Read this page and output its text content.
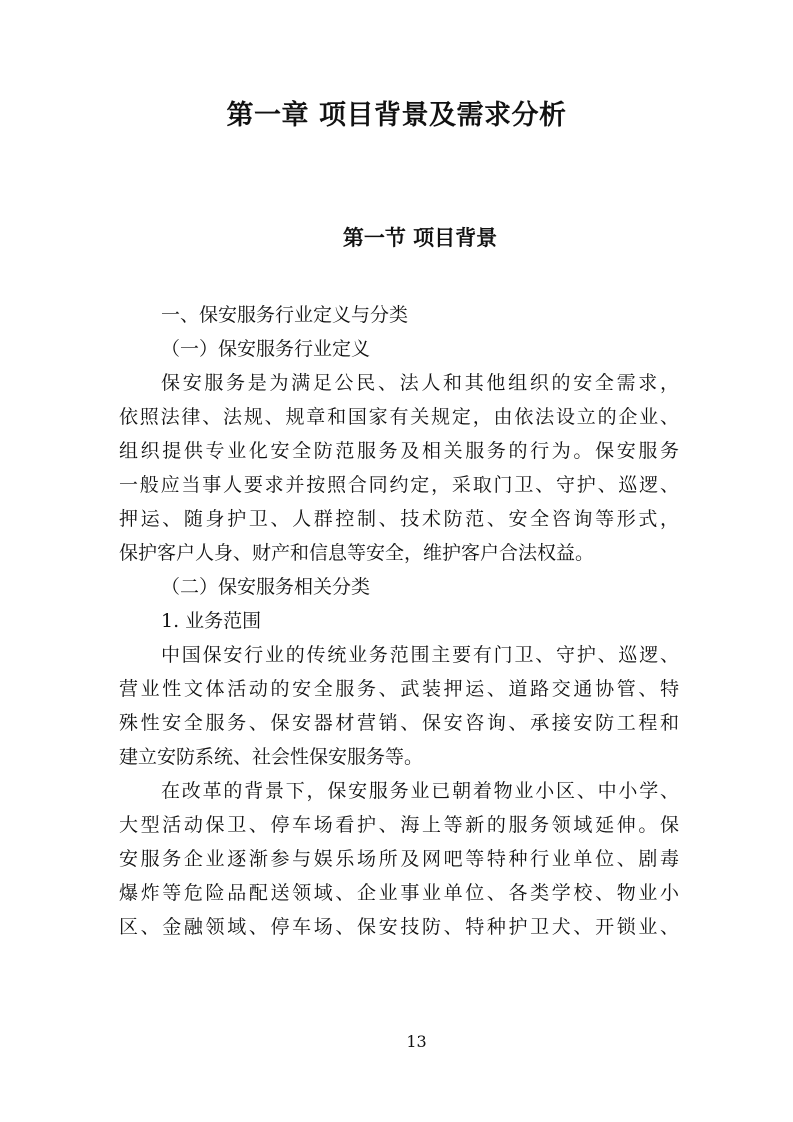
第一章 项目背景及需求分析
第一节 项目背景
一、保安服务行业定义与分类
（一）保安服务行业定义
保安服务是为满足公民、法人和其他组织的安全需求，
依照法律、法规、规章和国家有关规定，由依法设立的企业、
组织提供专业化安全防范服务及相关服务的行为。保安服务
一般应当事人要求并按照合同约定，采取门卫、守护、巡逻、
押运、随身护卫、人群控制、技术防范、安全咨询等形式，
保护客户人身、财产和信息等安全，维护客户合法权益。
（二）保安服务相关分类
1. 业务范围
中国保安行业的传统业务范围主要有门卫、守护、巡逻、
营业性文体活动的安全服务、武装押运、道路交通协管、特
殊性安全服务、保安器材营销、保安咨询、承接安防工程和
建立安防系统、社会性保安服务等。
在改革的背景下，保安服务业已朝着物业小区、中小学、
大型活动保卫、停车场看护、海上等新的服务领域延伸。保
安服务企业逐渐参与娱乐场所及网吧等特种行业单位、剧毒
爆炸等危险品配送领域、企业事业单位、各类学校、物业小
区、金融领域、停车场、保安技防、特种护卫犬、开锁业、
13
